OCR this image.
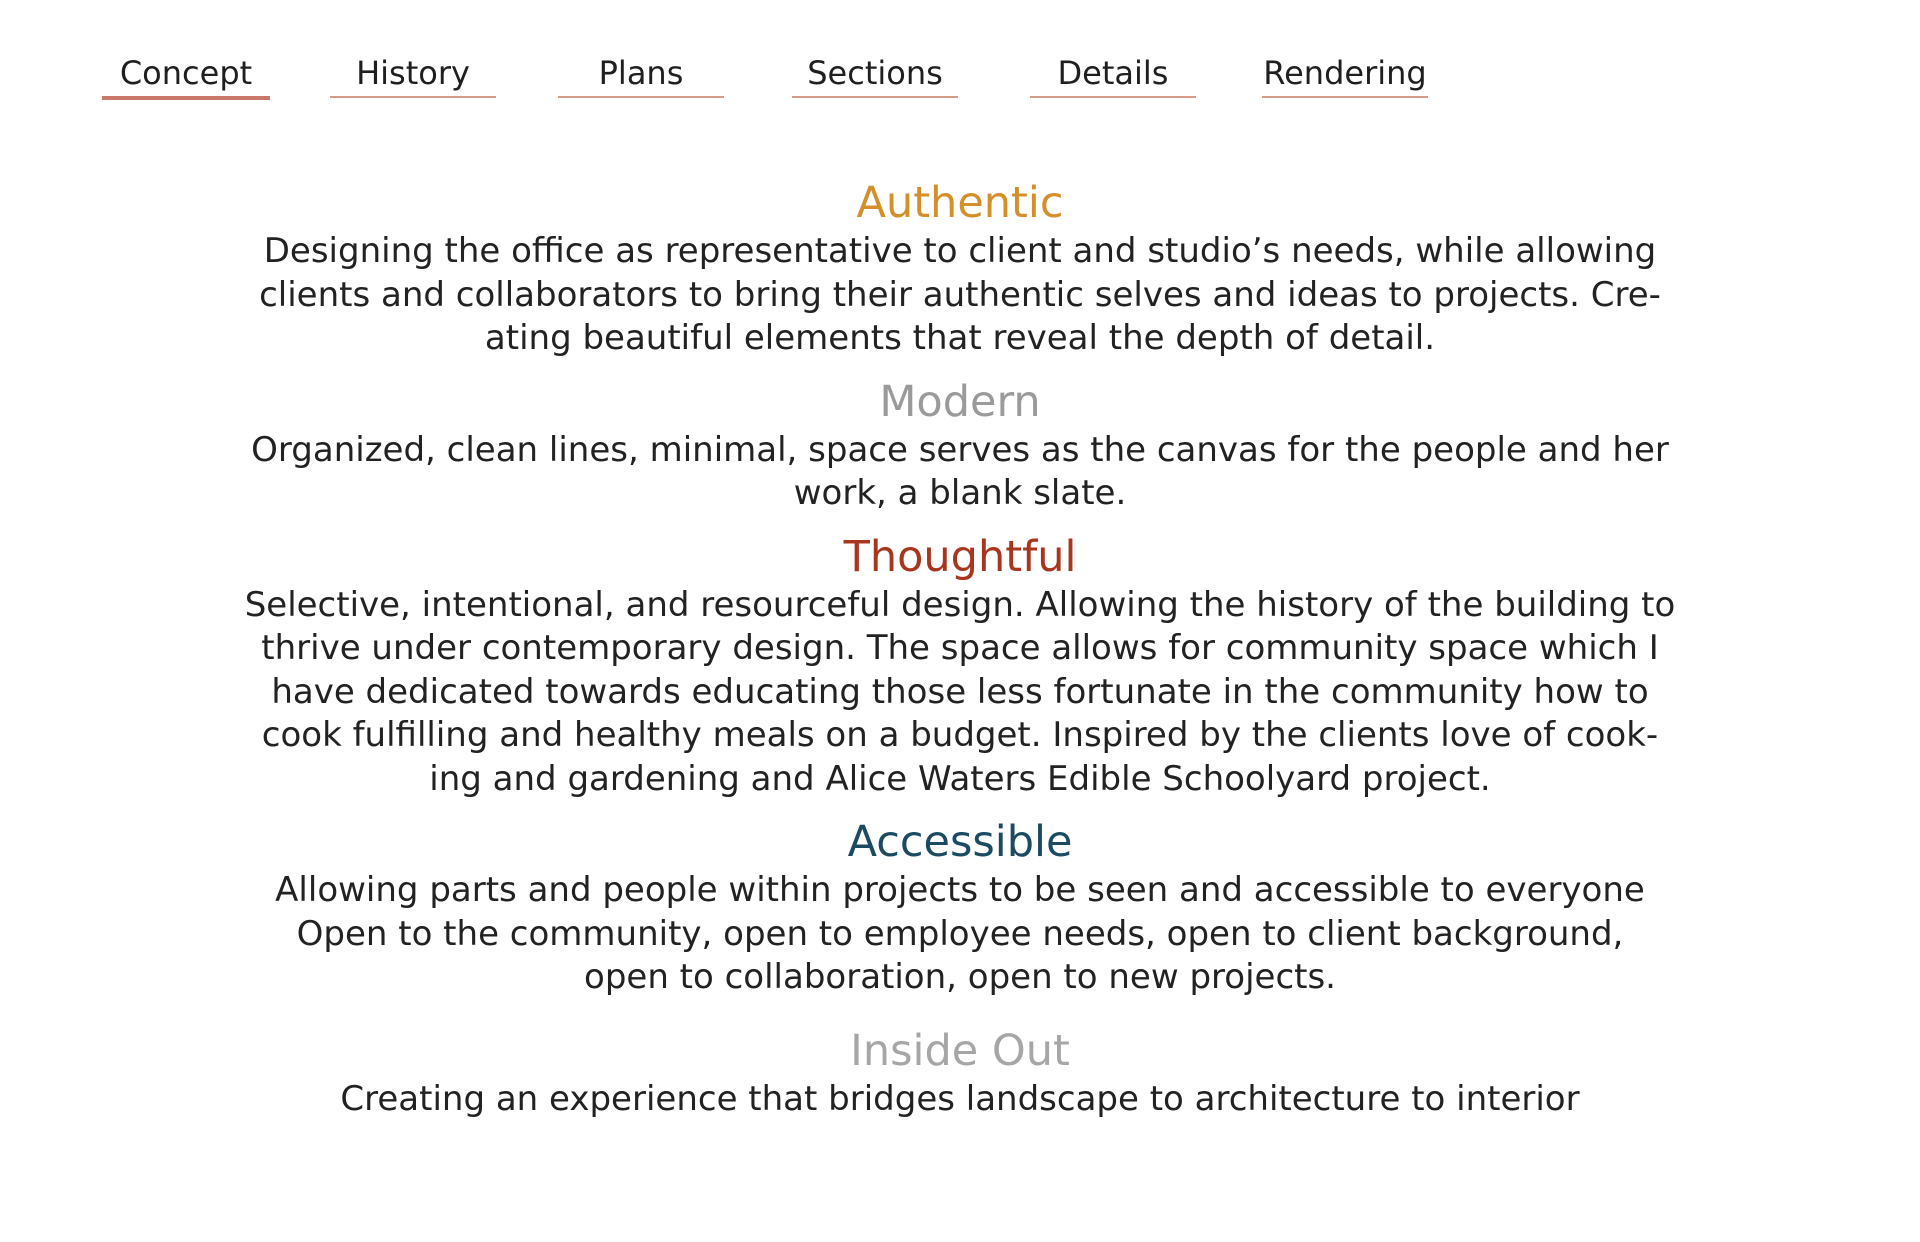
Concept	History	Plans	Sections	Details	Rendering
Authentic

Designing the office as representative to client and studio’s needs, while allowing
clients and collaborators to bring their authentic selves and ideas to projects. Cre-
ating beautiful elements that reveal the depth of detail.

Modern

Organized, clean lines, minimal, space serves as the canvas for the people and her
work, a blank slate.

Thoughtful

Selective, intentional, and resourceful design. Allowing the history of the building to
thrive under contemporary design. The space allows for community space which I
have dedicated towards educating those less fortunate in the community how to
cook fulfilling and healthy meals on a budget. Inspired by the clients love of cook-
ing and gardening and Alice Waters Edible Schoolyard project.

Accessible

Allowing parts and people within projects to be seen and accessible to everyone
Open to the community, open to employee needs, open to client background,
open to collaboration, open to new projects.

Inside Out

Creating an experience that bridges landscape to architecture to interior
